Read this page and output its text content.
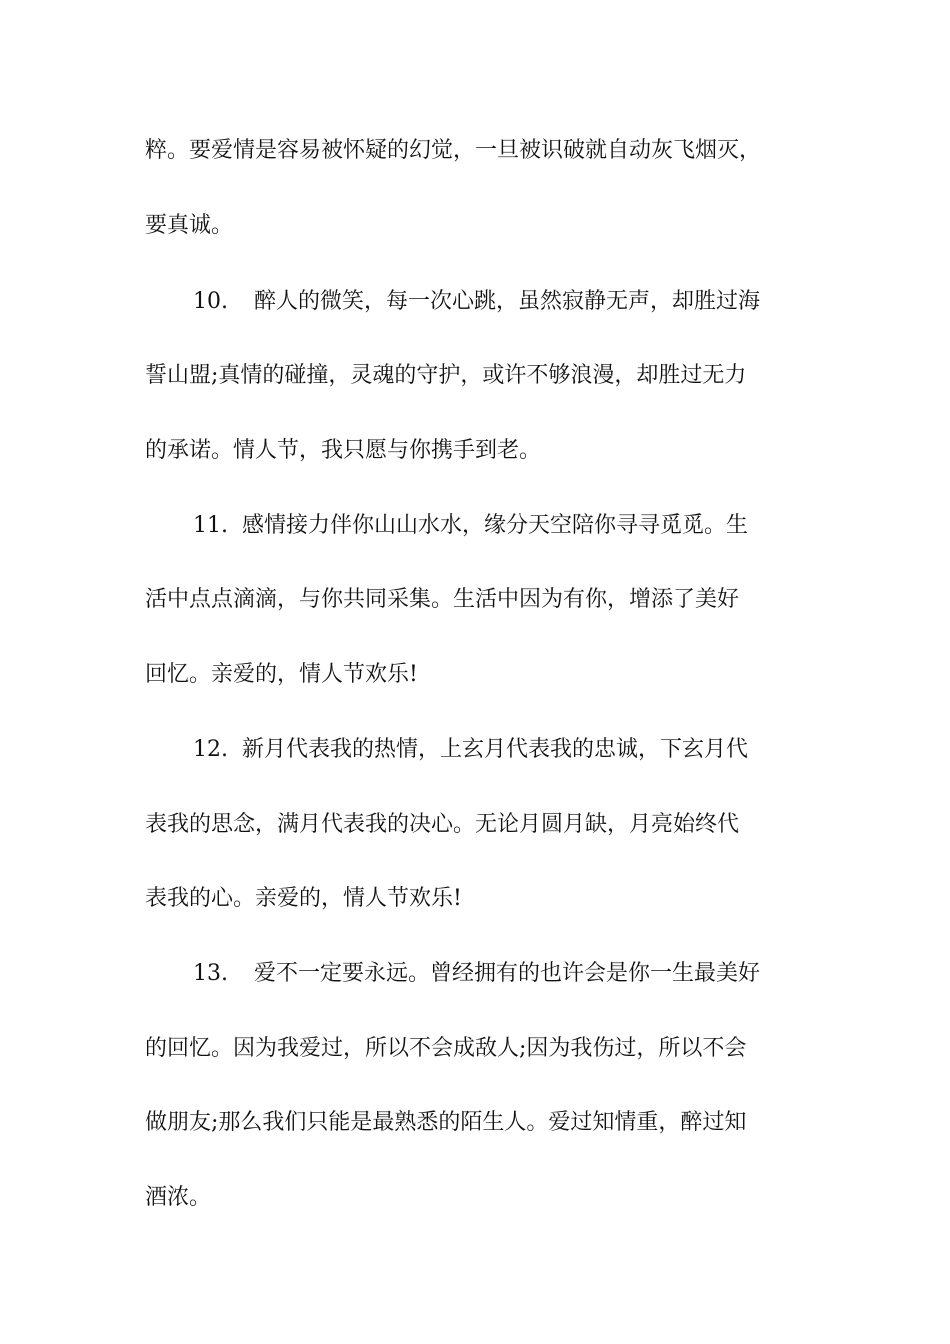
粹。要爱情是容易被怀疑的幻觉，一旦被识破就自动灰飞烟灭，
要真诚。
10. 醉人的微笑，每一次心跳，虽然寂静无声，却胜过海
誓山盟;真情的碰撞，灵魂的守护，或许不够浪漫，却胜过无力
的承诺。情人节，我只愿与你携手到老。
11. 感情接力伴你山山水水，缘分天空陪你寻寻觅觅。生
活中点点滴滴，与你共同采集。生活中因为有你，增添了美好
回忆。亲爱的，情人节欢乐!
12. 新月代表我的热情，上玄月代表我的忠诚，下玄月代
表我的思念，满月代表我的决心。无论月圆月缺，月亮始终代
表我的心。亲爱的，情人节欢乐!
13. 爱不一定要永远。曾经拥有的也许会是你一生最美好
的回忆。因为我爱过，所以不会成敌人;因为我伤过，所以不会
做朋友;那么我们只能是最熟悉的陌生人。爱过知情重，醉过知
酒浓。
